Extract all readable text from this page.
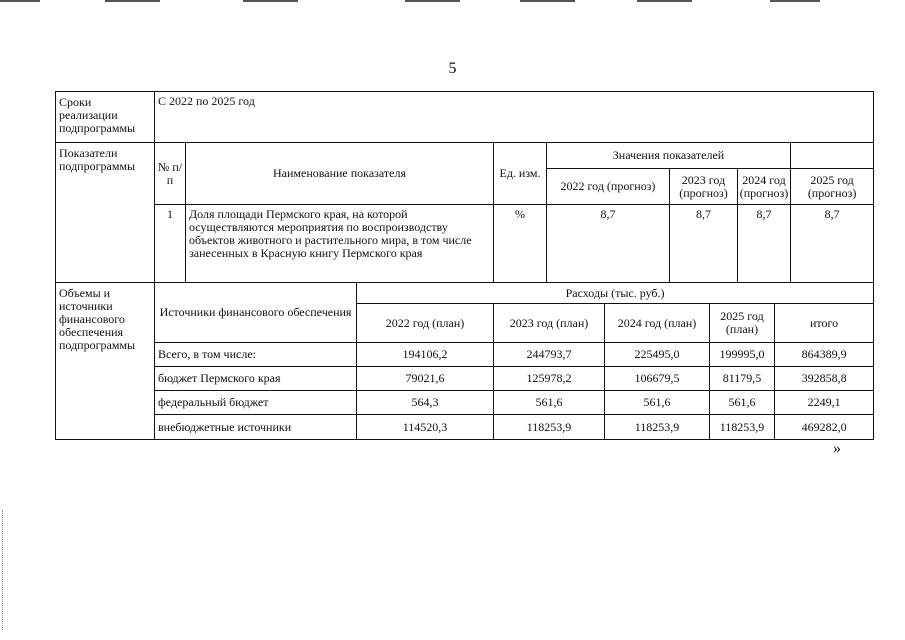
5
Сроки реализации подпрограммы	С 2022 по 2025 год										
Показатели подпрограммы	№ п/п	Наименование показателя		Ед. изм.	Значения показателей						
					2022 год (прогноз)		2023 год (прогноз)		2024 год (прогноз)		2025 год (прогноз)
	1	Доля площади Пермского края, на которой осуществляются мероприятия по воспроизводству объектов животного и растительного мира, в том числе занесенных в Красную книгу Пермского края		%	8,7		8,7		8,7		8,7
Объемы и источники финансового обеспечения подпрограммы	Источники финансового обеспечения		Расходы (тыс. руб.)								
			2022 год (план)	2023 год (план)		2024 год (план)		2025 год (план)		итого	
	Всего, в том числе:		194106,2	244793,7		225495,0		199995,0		864389,9	
	бюджет Пермского края		79021,6	125978,2		106679,5		81179,5		392858,8	
	федеральный бюджет		564,3	561,6		561,6		561,6		2249,1	
	внебюджетные источники		114520,3	118253,9		118253,9		118253,9		469282,0	
»
